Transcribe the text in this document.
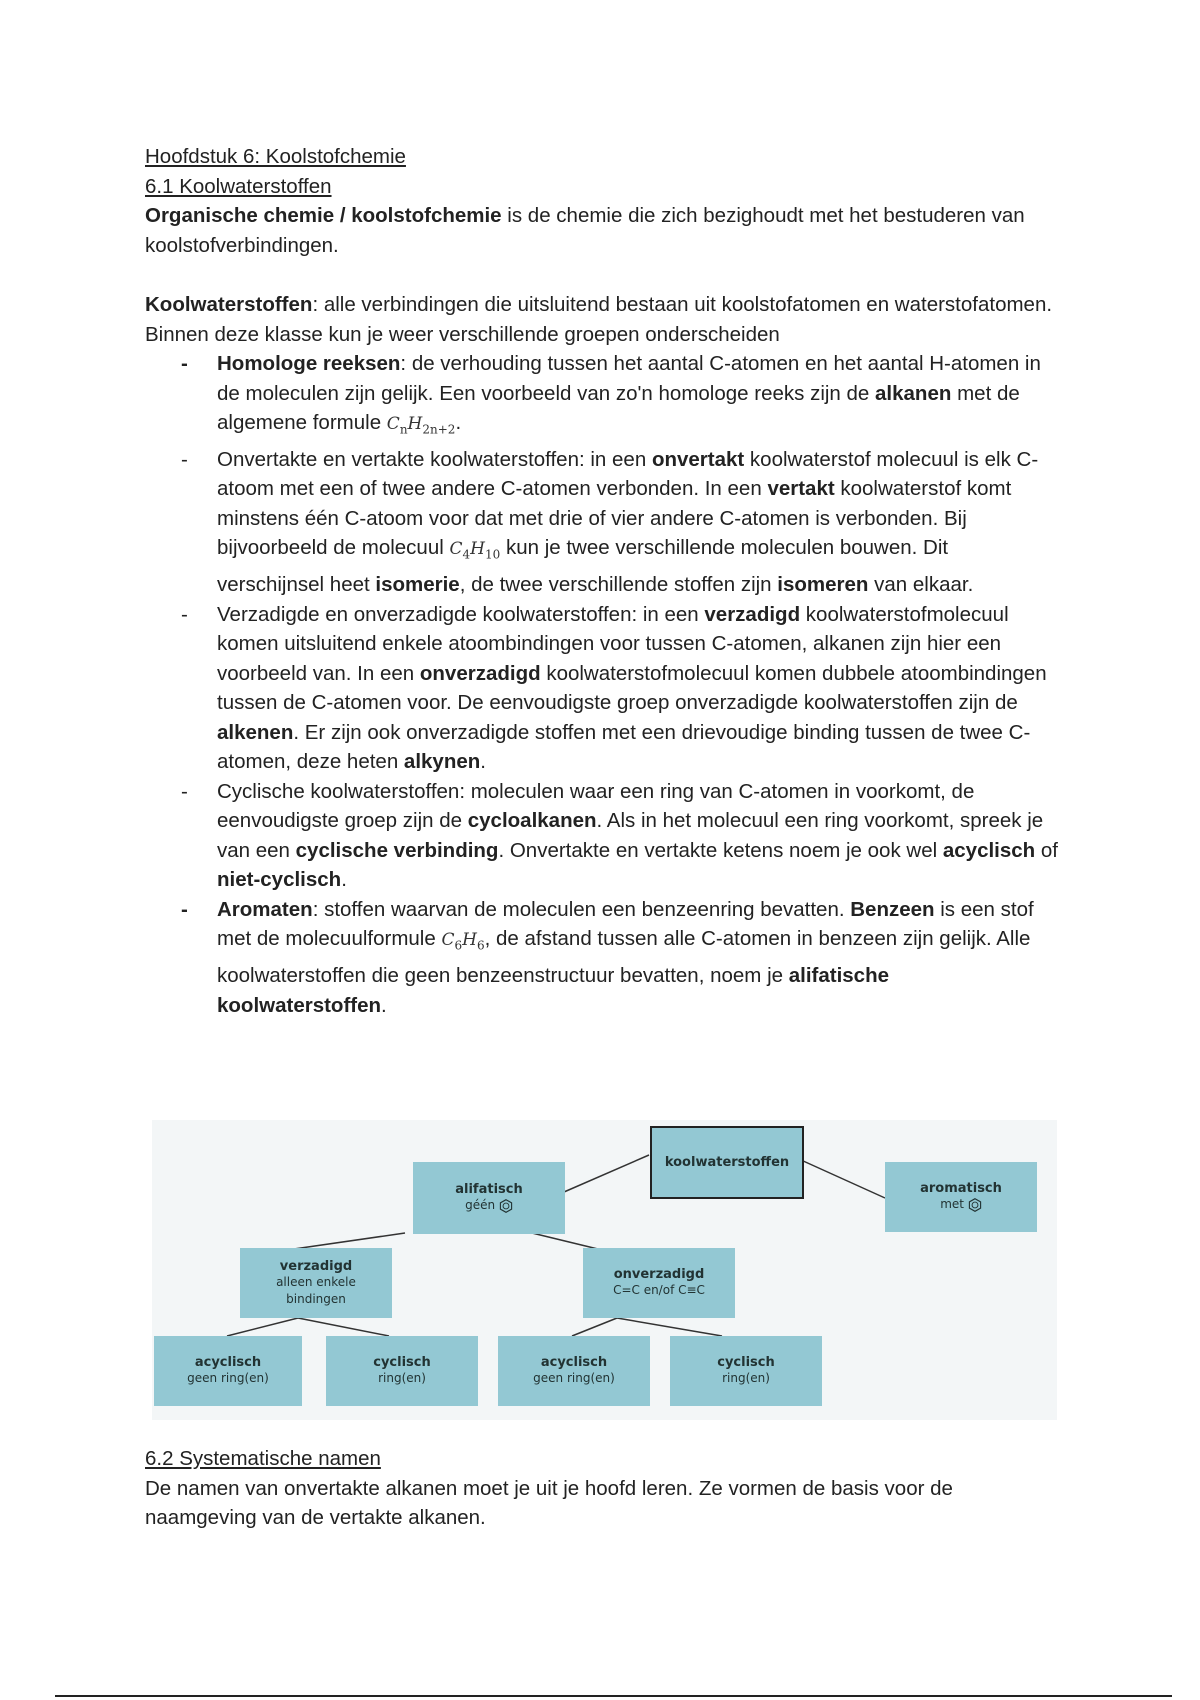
Hoofdstuk 6: Koolstofchemie

6.1 Koolwaterstoffen

Organische chemie / koolstofchemie is de chemie die zich bezighoudt met het bestuderen van koolstofverbindingen.

Koolwaterstoffen: alle verbindingen die uitsluitend bestaan uit koolstofatomen en waterstofatomen.

Binnen deze klasse kun je weer verschillende groepen onderscheiden

- Homologe reeksen: de verhouding tussen het aantal C-atomen en het aantal H-atomen in de moleculen zijn gelijk. Een voorbeeld van zo'n homologe reeks zijn de alkanen met de algemene formule $C_nH_{2n+2}$.
- Onvertakte en vertakte koolwaterstoffen: in een onvertakt koolwaterstof molecuul is elk C-atoom met een of twee andere C-atomen verbonden. In een vertakt koolwaterstof komt minstens één C-atoom voor dat met drie of vier andere C-atomen is verbonden. Bij bijvoorbeeld de molecuul $C_4H_{10}$ kun je twee verschillende moleculen bouwen. Dit verschijnsel heet isomerie, de twee verschillende stoffen zijn isomeren van elkaar.
- Verzadigde en onverzadigde koolwaterstoffen: in een verzadigd koolwaterstofmolecuul komen uitsluitend enkele atoombindingen voor tussen C-atomen, alkanen zijn hier een voorbeeld van. In een onverzadigd koolwaterstofmolecuul komen dubbele atoombindingen tussen de C-atomen voor. De eenvoudigste groep onverzadigde koolwaterstoffen zijn de alkenen. Er zijn ook onverzadigde stoffen met een drievoudige binding tussen de twee C-atomen, deze heten alkynen.
- Cyclische koolwaterstoffen: moleculen waar een ring van C-atomen in voorkomt, de eenvoudigste groep zijn de cycloalkanen. Als in het molecuul een ring voorkomt, spreek je van een cyclische verbinding. Onvertakte en vertakte ketens noem je ook wel acyclisch of niet-cyclisch.
- Aromaten: stoffen waarvan de moleculen een benzeenring bevatten. Benzeen is een stof met de molecuulformule $C_6H_6$, de afstand tussen alle C-atomen in benzeen zijn gelijk. Alle koolwaterstoffen die geen benzeenstructuur bevatten, noem je alifatische koolwaterstoffen.
koolwaterstoffen
alifatisch
géén
aromatisch
met
verzadigd
alleen enkele
bindingen
onverzadigd
C=C en/of C≡C
acyclisch
geen ring(en)
cyclisch
ring(en)
acyclisch
geen ring(en)
cyclisch
ring(en)

6.2 Systematische namen

De namen van onvertakte alkanen moet je uit je hoofd leren. Ze vormen de basis voor de naamgeving van de vertakte alkanen.
